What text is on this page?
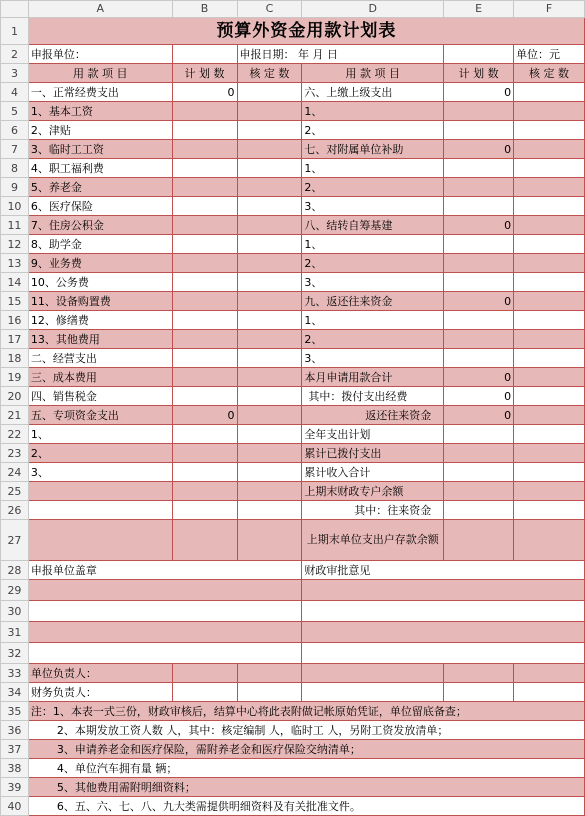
	A	B	C	D	E	F
1	预算外资金用款计划表					
2	申报单位：		申报日期： 年 月 日			单位：元
3	用 款 项 目	计 划 数	核 定 数	用 款 项 目	计 划 数	核 定 数
4	一、正常经费支出	0		六、上缴上级支出	0	
5	1、基本工资			1、		
6	2、津贴			2、		
7	3、临时工工资			七、对附属单位补助	0	
8	4、职工福利费			1、		
9	5、养老金			2、		
10	6、医疗保险			3、		
11	7、住房公积金			八、结转自筹基建	0	
12	8、助学金			1、		
13	9、业务费			2、		
14	10、公务费			3、		
15	11、设备购置费			九、返还往来资金	0	
16	12、修缮费			1、		
17	13、其他费用			2、		
18	二、经营支出			3、		
19	三、成本费用			本月申请用款合计	0	
20	四、销售税金			其中：拨付支出经费	0	
21	五、专项资金支出	0		返还往来资金	0	
22	1、			全年支出计划		
23	2、			累计已拨付支出		
24	3、			累计收入合计		
25				上期末财政专户余额		
26				其中：往来资金		
27				上期末单位支出户存款余额		
28	申报单位盖章			财政审批意见		
29						
30						
31						
32						
33	单位负责人：					
34	财务负责人：					
35	注：1、本表一式三份，财政审核后，结算中心将此表附做记帐原始凭证，单位留底备查；					
36	2、本期发放工资人数 人，其中：核定编制 人，临时工 人，另附工资发放清单；					
37	3、申请养老金和医疗保险，需附养老金和医疗保险交纳清单；					
38	4、单位汽车拥有量 辆；					
39	5、其他费用需附明细资料；					
40	6、五、六、七、八、九大类需提供明细资料及有关批准文件。					
